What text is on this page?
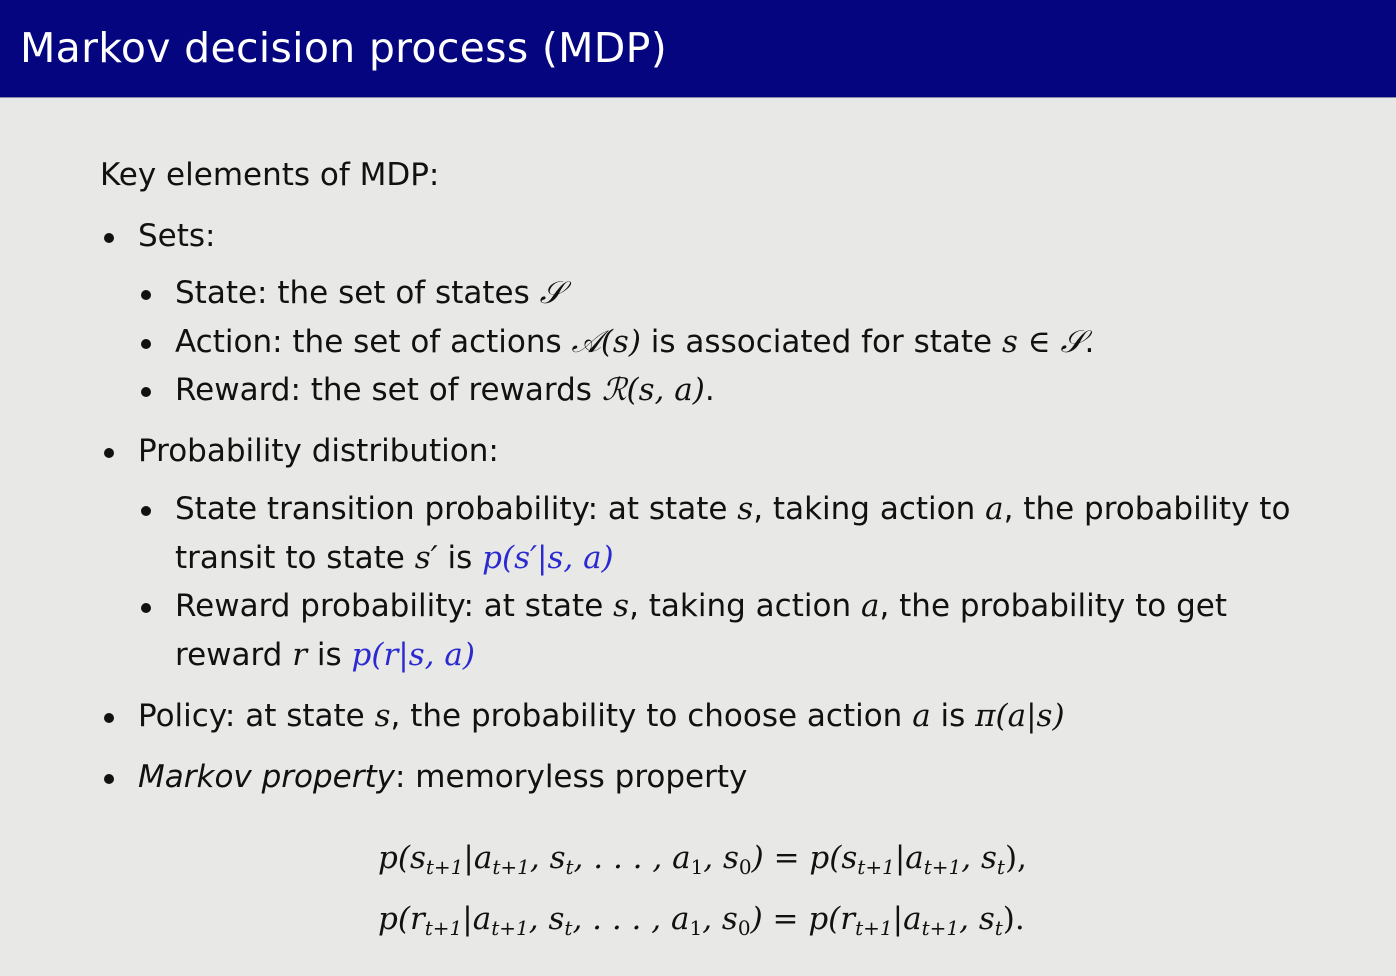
Markov decision process (MDP)
Key elements of MDP:
Sets:
State: the set of states 𝒮
Action: the set of actions 𝒜(s) is associated for state s ∈ 𝒮.
Reward: the set of rewards ℛ(s, a).
Probability distribution:
State transition probability: at state s, taking action a, the probability to
transit to state s′ is p(s′|s, a)
Reward probability: at state s, taking action a, the probability to get
reward r is p(r|s, a)
Policy: at state s, the probability to choose action a is π(a|s)
Markov property: memoryless property
$p(s_{t+1}|a_{t+1}$, $s_t$, . . . , $a_1$, $s_0) = p(s_{t+1}|a_{t+1}$, $s_t$),
$p(r_{t+1}|a_{t+1}$, $s_t$, . . . , $a_1$, $s_0) = p(r_{t+1}|a_{t+1}$, $s_t$).
